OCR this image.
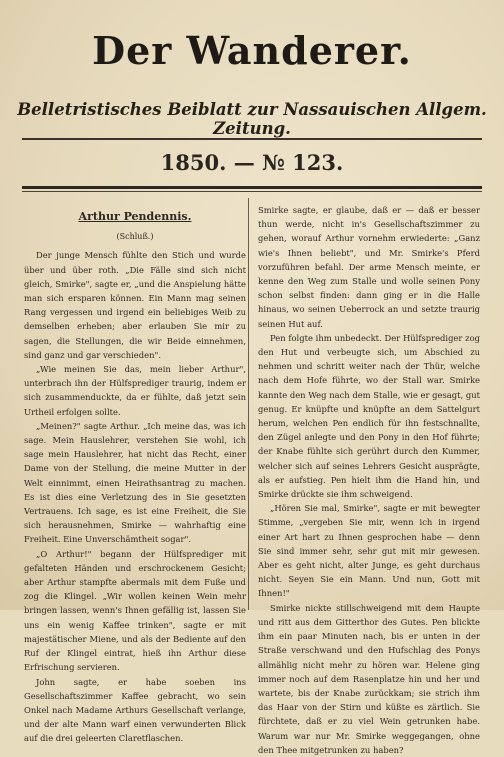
Der Wanderer.
Belletristisches Beiblatt zur Nassauischen Allgem. Zeitung.
1850. — № 123.
Arthur Pendennis.
(Schluß.)

Der junge Mensch fühlte den Stich und wurde über und über roth. „Die Fälle sind sich nicht gleich, Smirke", sagte er, „und die Anspielung hätte man sich ersparen können. Ein Mann mag seinen Rang vergessen und irgend ein beliebiges Weib zu demselben erheben; aber erlauben Sie mir zu sagen, die Stellungen, die wir Beide einnehmen, sind ganz und gar verschieden".

„Wie meinen Sie das, mein lieber Arthur", unterbrach ihn der Hülfsprediger traurig, indem er sich zusammenduckte, da er fühlte, daß jetzt sein Urtheil erfolgen sollte.

„Meinen?" sagte Arthur. „Ich meine das, was ich sage. Mein Hauslehrer, verstehen Sie wohl, ich sage mein Hauslehrer, hat nicht das Recht, einer Dame von der Stellung, die meine Mutter in der Welt einnimmt, einen Heirathsantrag zu machen. Es ist dies eine Verletzung des in Sie gesetzten Vertrauens. Ich sage, es ist eine Freiheit, die Sie sich herausnehmen, Smirke — wahrhaftig eine Freiheit. Eine Unverschämtheit sogar".

„O Arthur!" begann der Hülfsprediger mit gefalteten Händen und erschrockenem Gesicht; aber Arthur stampfte abermals mit dem Fuße und zog die Klingel. „Wir wollen keinen Wein mehr bringen lassen, wenn's Ihnen gefällig ist, lassen Sie uns ein wenig Kaffee trinken", sagte er mit majestätischer Miene, und als der Bediente auf den Ruf der Klingel eintrat, hieß ihn Arthur diese Erfrischung servieren.

John sagte, er habe soeben ins Gesellschaftszimmer Kaffee gebracht, wo sein Onkel nach Madame Arthurs Gesellschaft verlange, und der alte Mann warf einen verwunderten Blick auf die drei geleerten Claretflaschen.

Smirke sagte, er glaube, daß er — daß er besser thun werde, nicht in's Gesellschaftszimmer zu gehen, worauf Arthur vornehm erwiederte: „Ganz wie's Ihnen beliebt", und Mr. Smirke's Pferd vorzuführen befahl. Der arme Mensch meinte, er kenne den Weg zum Stalle und wolle seinen Pony schon selbst finden: dann ging er in die Halle hinaus, wo seinen Ueberrock an und setzte traurig seinen Hut auf.

Pen folgte ihm unbedeckt. Der Hülfsprediger zog den Hut und verbeugte sich, um Abschied zu nehmen und schritt weiter nach der Thür, welche nach dem Hofe führte, wo der Stall war. Smirke kannte den Weg nach dem Stalle, wie er gesagt, gut genug. Er knüpfte und knüpfte an dem Sattelgurt herum, welchen Pen endlich für ihn festschnallte, den Zügel anlegte und den Pony in den Hof führte; der Knabe fühlte sich gerührt durch den Kummer, welcher sich auf seines Lehrers Gesicht ausprägte, als er aufstieg. Pen hielt ihm die Hand hin, und Smirke drückte sie ihm schweigend.

„Hören Sie mal, Smirke", sagte er mit bewegter Stimme, „vergeben Sie mir, wenn ich in irgend einer Art hart zu Ihnen gesprochen habe — denn Sie sind immer sehr, sehr gut mit mir gewesen. Aber es geht nicht, alter Junge, es geht durchaus nicht. Seyen Sie ein Mann. Und nun, Gott mit Ihnen!"

Smirke nickte stillschweigend mit dem Haupte und ritt aus dem Gitterthor des Gutes. Pen blickte ihm ein paar Minuten nach, bis er unten in der Straße verschwand und den Hufschlag des Ponys allmählig nicht mehr zu hören war. Helene ging immer noch auf dem Rasenplatze hin und her und wartete, bis der Knabe zurückkam; sie strich ihm das Haar von der Stirn und küßte es zärtlich. Sie fürchtete, daß er zu viel Wein getrunken habe. Warum war nur Mr. Smirke weggegangen, ohne den Thee mitgetrunken zu haben?
